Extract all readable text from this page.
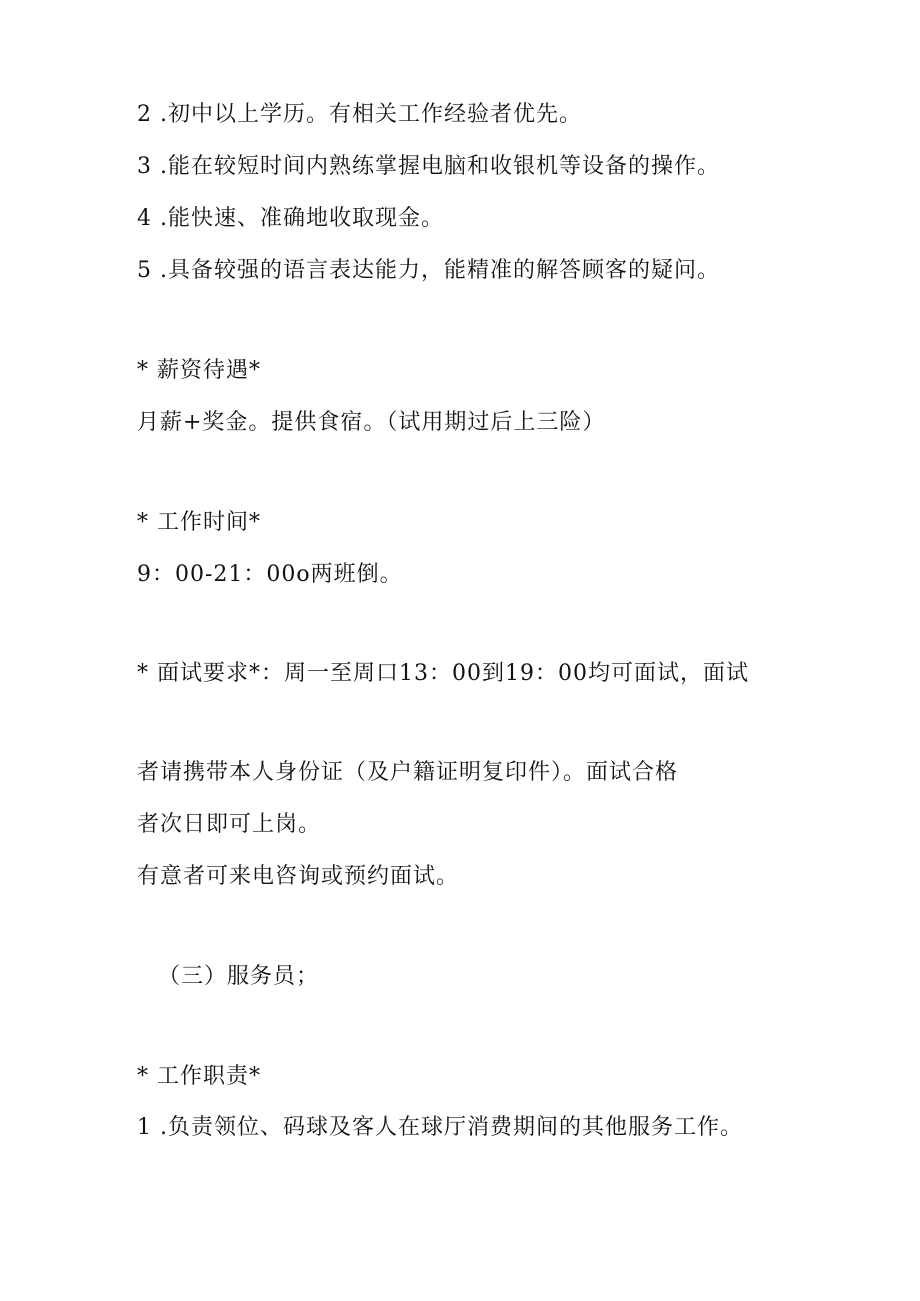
2 .初中以上学历。有相关工作经验者优先。
3 .能在较短时间内熟练掌握电脑和收银机等设备的操作。
4 .能快速、准确地收取现金。
5 .具备较强的语言表达能力，能精准的解答顾客的疑问。
* 薪资待遇*
月薪+奖金。提供食宿。（试用期过后上三险）
* 工作时间*
9：00-21：00o两班倒。
* 面试要求*：周一至周口13：00到19：00均可面试，面试
者请携带本人身份证（及户籍证明复印件）。面试合格
者次日即可上岗。
有意者可来电咨询或预约面试。
（三）服务员；
* 工作职责*
1 .负责领位、码球及客人在球厅消费期间的其他服务工作。
